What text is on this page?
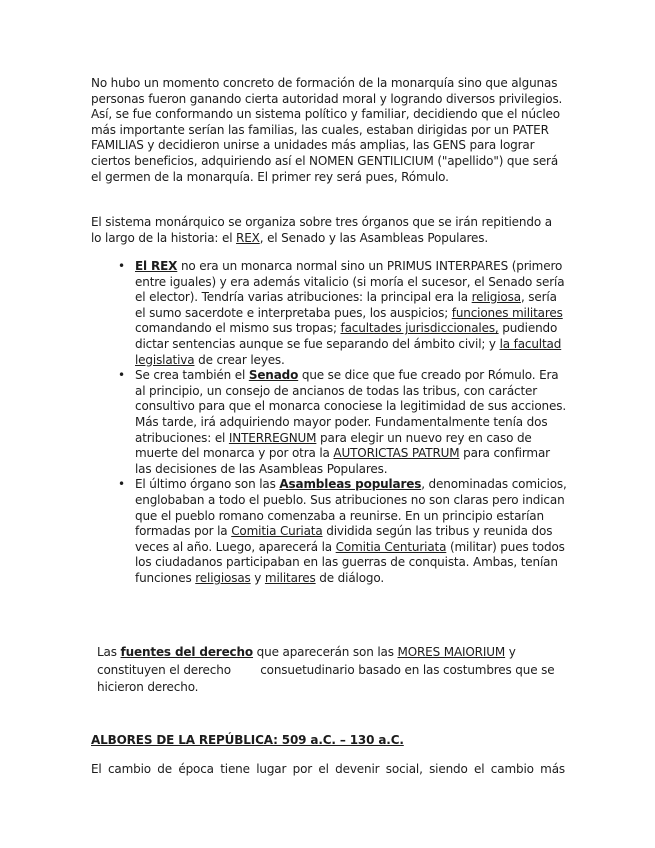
No hubo un momento concreto de formación de la monarquía sino que algunas personas fueron ganando cierta autoridad moral y logrando diversos privilegios. Así, se fue conformando un sistema político y familiar, decidiendo que el núcleo más importante serían las familias, las cuales, estaban dirigidas por un PATER FAMILIAS y decidieron unirse a unidades más amplias, las GENS para lograr ciertos beneficios, adquiriendo así el NOMEN GENTILICIUM ("apellido") que será el germen de la monarquía. El primer rey será pues, Rómulo.

El sistema monárquico se organiza sobre tres órganos que se irán repitiendo a lo largo de la historia: el REX, el Senado y las Asambleas Populares.

• El REX no era un monarca normal sino un PRIMUS INTERPARES (primero entre iguales) y era además vitalicio (si moría el sucesor, el Senado sería el elector). Tendría varias atribuciones: la principal era la religiosa, sería el sumo sacerdote e interpretaba pues, los auspicios; funciones militares comandando el mismo sus tropas; facultades jurisdiccionales, pudiendo dictar sentencias aunque se fue separando del ámbito civil; y la facultad legislativa de crear leyes.
• Se crea también el Senado que se dice que fue creado por Rómulo. Era al principio, un consejo de ancianos de todas las tribus, con carácter consultivo para que el monarca conociese la legitimidad de sus acciones. Más tarde, irá adquiriendo mayor poder. Fundamentalmente tenía dos atribuciones: el INTERREGNUM para elegir un nuevo rey en caso de muerte del monarca y por otra la AUTORICTAS PATRUM para confirmar las decisiones de las Asambleas Populares.
• El último órgano son las Asambleas populares, denominadas comicios, englobaban a todo el pueblo. Sus atribuciones no son claras pero indican que el pueblo romano comenzaba a reunirse. En un principio estarían formadas por la Comitia Curiata dividida según las tribus y reunida dos veces al año. Luego, aparecerá la Comitia Centuriata (militar) pues todos los ciudadanos participaban en las guerras de conquista. Ambas, tenían funciones religiosas y militares de diálogo.

Las fuentes del derecho que aparecerán son las MORES MAIORIUM y constituyen el derecho        consuetudinario basado en las costumbres que se hicieron derecho.

ALBORES DE LA REPÚBLICA: 509 a.C. – 130 a.C.

El cambio de época tiene lugar por el devenir social, siendo el cambio más
